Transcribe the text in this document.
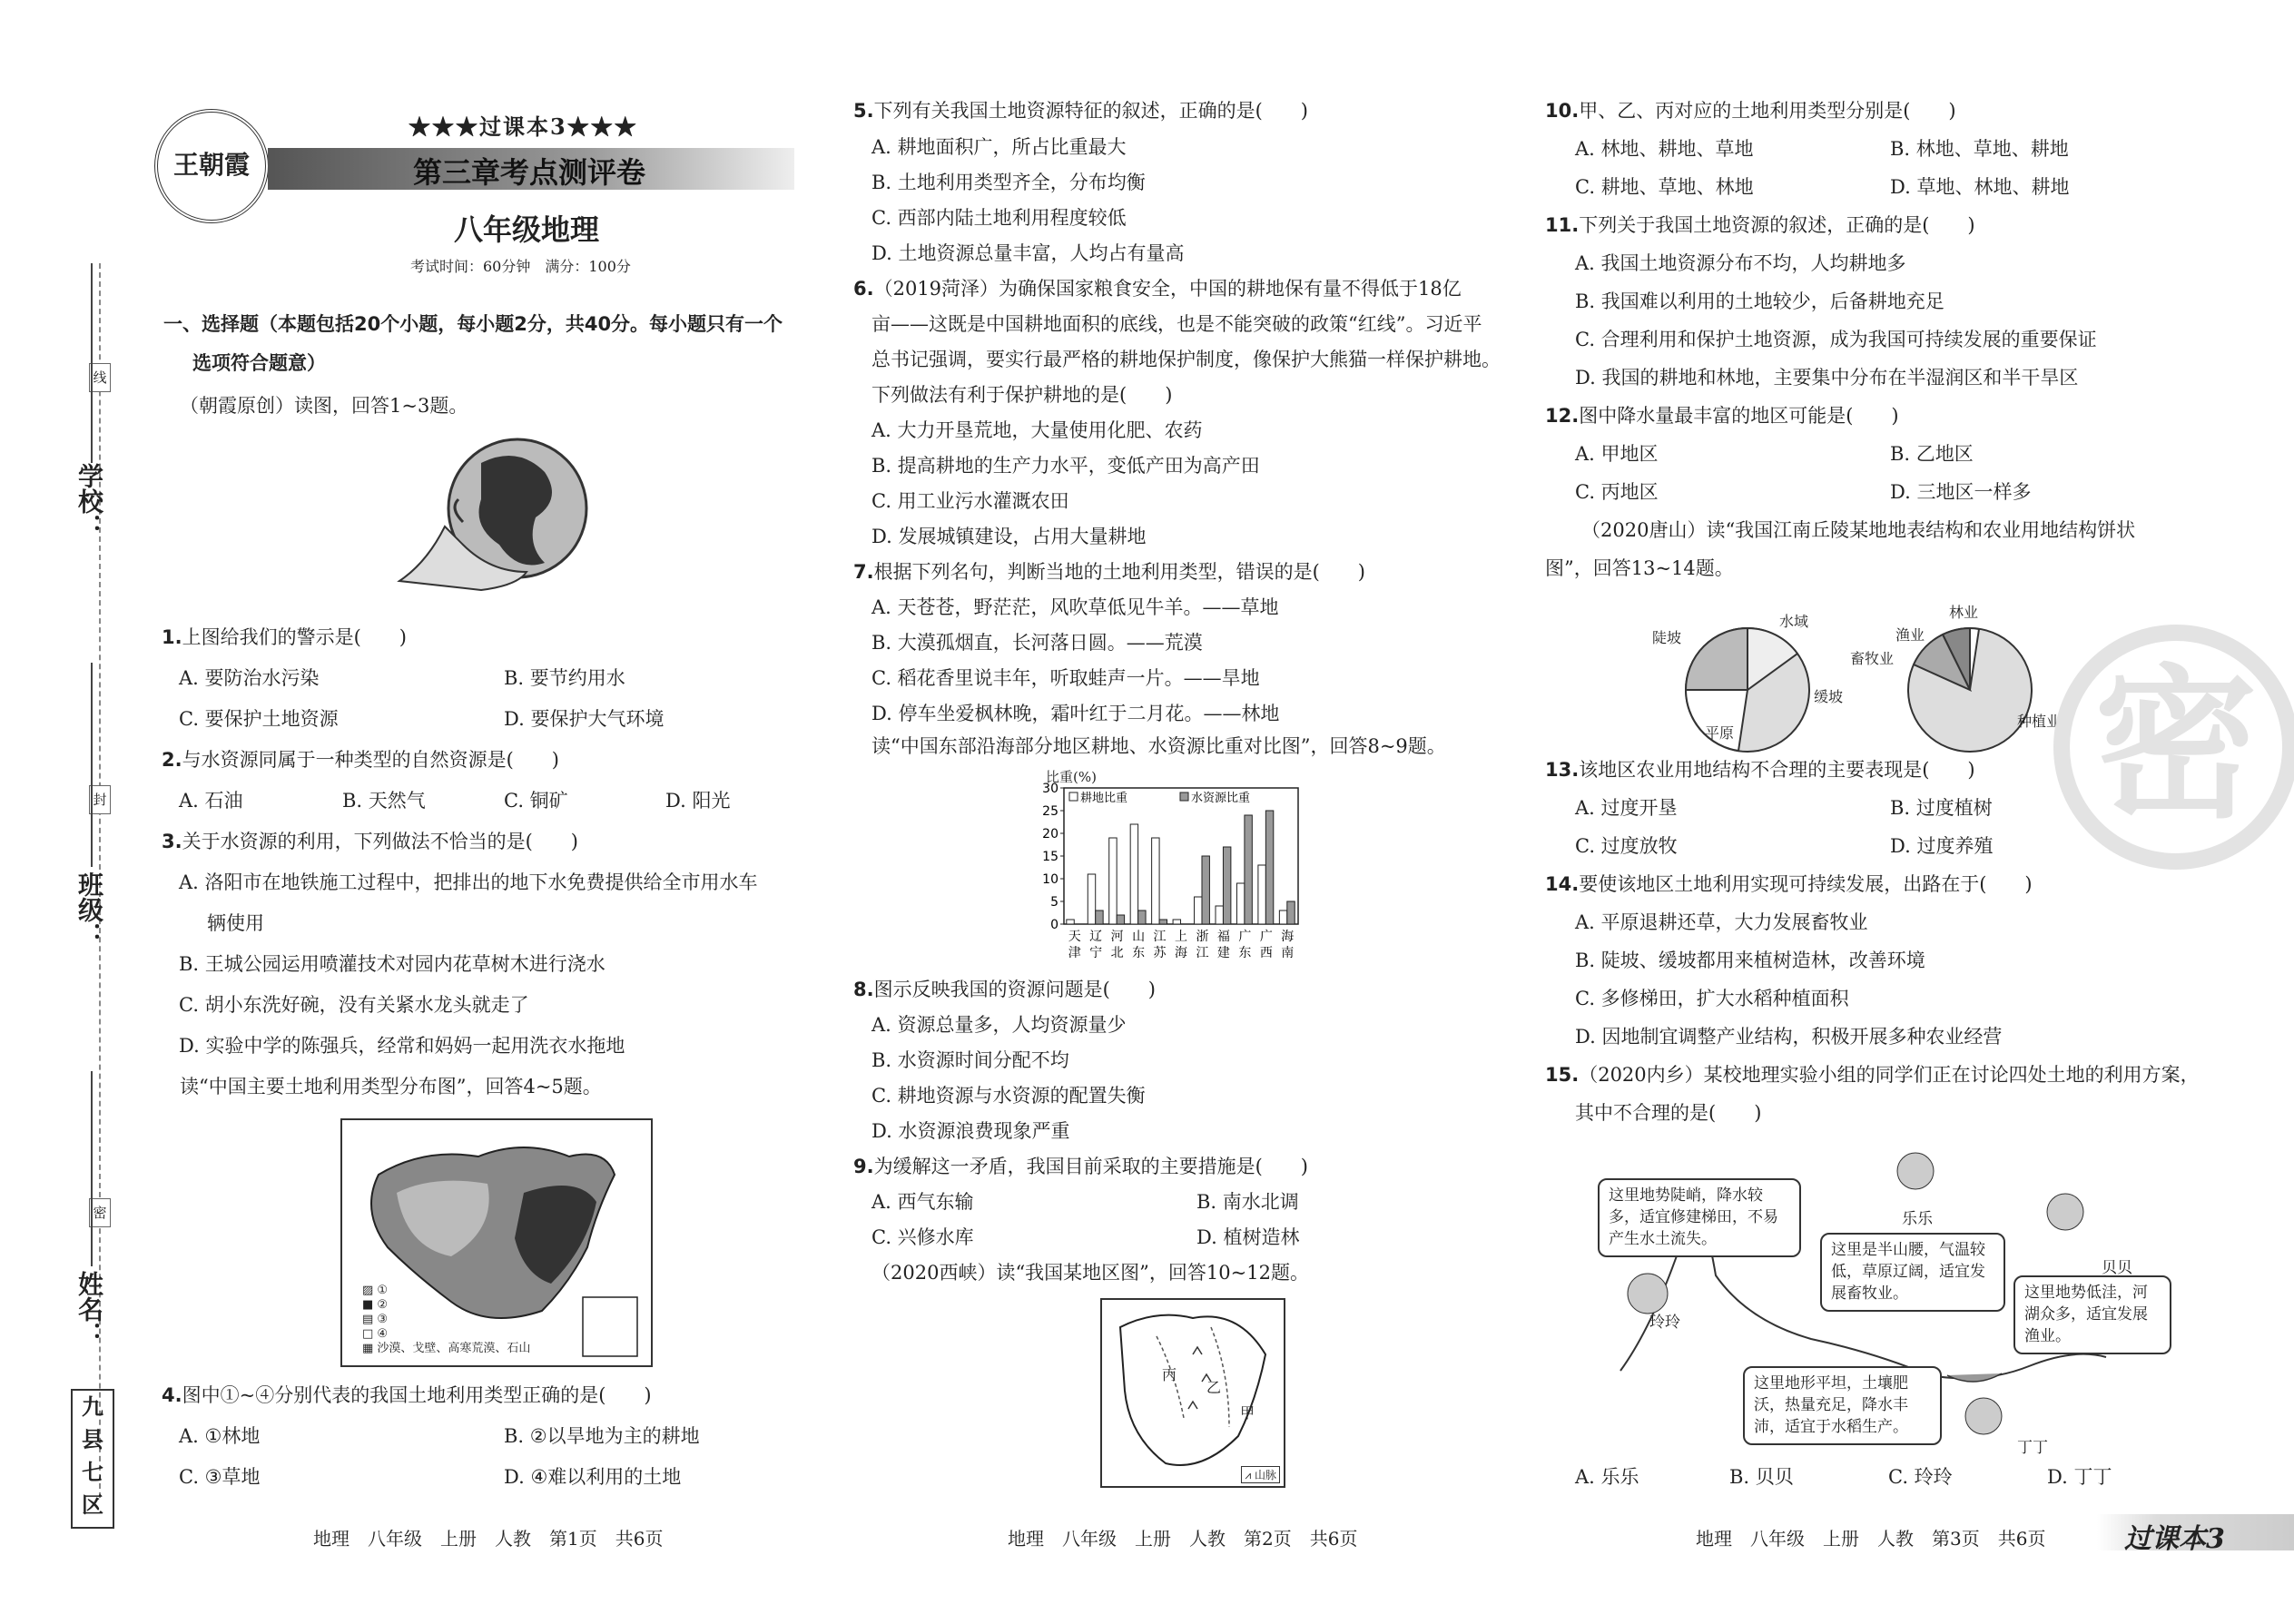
线
封
密
学校：
班级：
姓名：
九
县
七
区
王朝霞
★★★过课本3★★★
第三章考点测评卷
八年级地理
考试时间：60分钟　满分：100分
一、选择题（本题包括20个小题，每小题2分，共40分。每小题只有一个
选项符合题意）
（朝霞原创）读图，回答1~3题。
1.上图给我们的警示是(　　)
A. 要防治水污染	B. 要节约用水
C. 要保护土地资源	D. 要保护大气环境
2.与水资源同属于一种类型的自然资源是(　　)
A. 石油	B. 天然气	C. 铜矿	D. 阳光
3.关于水资源的利用，下列做法不恰当的是(　　)
A. 洛阳市在地铁施工过程中，把排出的地下水免费提供给全市用水车
辆使用
B. 王城公园运用喷灌技术对园内花草树木进行浇水
C. 胡小东洗好碗，没有关紧水龙头就走了
D. 实验中学的陈强兵，经常和妈妈一起用洗衣水拖地
读“中国主要土地利用类型分布图”，回答4~5题。
▨ ①
■ ②
▤ ③
□ ④
▦ 沙漠、戈壁、高寒荒漠、石山
4.图中①~④分别代表的我国土地利用类型正确的是(　　)
A. ①林地	B. ②以旱地为主的耕地
C. ③草地	D. ④难以利用的土地
地理　八年级　上册　人教　第1页　共6页
5.下列有关我国土地资源特征的叙述，正确的是(　　)
A. 耕地面积广，所占比重最大
B. 土地利用类型齐全，分布均衡
C. 西部内陆土地利用程度较低
D. 土地资源总量丰富，人均占有量高
6.（2019菏泽）为确保国家粮食安全，中国的耕地保有量不得低于18亿
亩——这既是中国耕地面积的底线，也是不能突破的政策“红线”。习近平
总书记强调，要实行最严格的耕地保护制度，像保护大熊猫一样保护耕地。
下列做法有利于保护耕地的是(　　)
A. 大力开垦荒地，大量使用化肥、农药
B. 提高耕地的生产力水平，变低产田为高产田
C. 用工业污水灌溉农田
D. 发展城镇建设，占用大量耕地
7.根据下列名句，判断当地的土地利用类型，错误的是(　　)
A. 天苍苍，野茫茫，风吹草低见牛羊。——草地
B. 大漠孤烟直，长河落日圆。——荒漠
C. 稻花香里说丰年，听取蛙声一片。——旱地
D. 停车坐爱枫林晚，霜叶红于二月花。——林地
读“中国东部沿海部分地区耕地、水资源比重对比图”，回答8~9题。
比重(%)
0
5
10
15
20
25
30
天
津
辽
宁
河
北
山
东
江
苏
上
海
浙
江
福
建
广
东
广
西
海
南
耕地比重	水资源比重
8.图示反映我国的资源问题是(　　)
A. 资源总量多，人均资源量少
B. 水资源时间分配不均
C. 耕地资源与水资源的配置失衡
D. 水资源浪费现象严重
9.为缓解这一矛盾，我国目前采取的主要措施是(　　)
A. 西气东输	B. 南水北调
C. 兴修水库	D. 植树造林
（2020西峡）读“我国某地区图”，回答10~12题。
丙
乙
甲
⩘ 山脉
地理　八年级　上册　人教　第2页　共6页
10.甲、乙、丙对应的土地利用类型分别是(　　)
A. 林地、耕地、草地	B. 林地、草地、耕地
C. 耕地、草地、林地	D. 草地、林地、耕地
11.下列关于我国土地资源的叙述，正确的是(　　)
A. 我国土地资源分布不均，人均耕地多
B. 我国难以利用的土地较少，后备耕地充足
C. 合理利用和保护土地资源，成为我国可持续发展的重要保证
D. 我国的耕地和林地，主要集中分布在半湿润区和半干旱区
12.图中降水量最丰富的地区可能是(　　)
A. 甲地区	B. 乙地区
C. 丙地区	D. 三地区一样多
（2020唐山）读“我国江南丘陵某地地表结构和农业用地结构饼状
图”，回答13~14题。
陡坡
水域
缓坡
平原
林业
渔业
畜牧业
种植业
13.该地区农业用地结构不合理的主要表现是(　　)
A. 过度开垦	B. 过度植树
C. 过度放牧	D. 过度养殖
14.要使该地区土地利用实现可持续发展，出路在于(　　)
A. 平原退耕还草，大力发展畜牧业
B. 陡坡、缓坡都用来植树造林，改善环境
C. 多修梯田，扩大水稻种植面积
D. 因地制宜调整产业结构，积极开展多种农业经营
15.（2020内乡）某校地理实验小组的同学们正在讨论四处土地的利用方案，
其中不合理的是(　　)
这里地势陡峭，降水较多，适宜修建梯田，不易产生水土流失。
这里是半山腰，气温较低，草原辽阔，适宜发展畜牧业。	这里地势低洼，河湖众多，适宜发展渔业。
这里地形平坦，土壤肥沃，热量充足，降水丰沛，适宜于水稻生产。
乐乐
贝贝
玲玲
丁丁
A. 乐乐	B. 贝贝	C. 玲玲	D. 丁丁
密
地理　八年级　上册　人教　第3页　共6页	过课本3
